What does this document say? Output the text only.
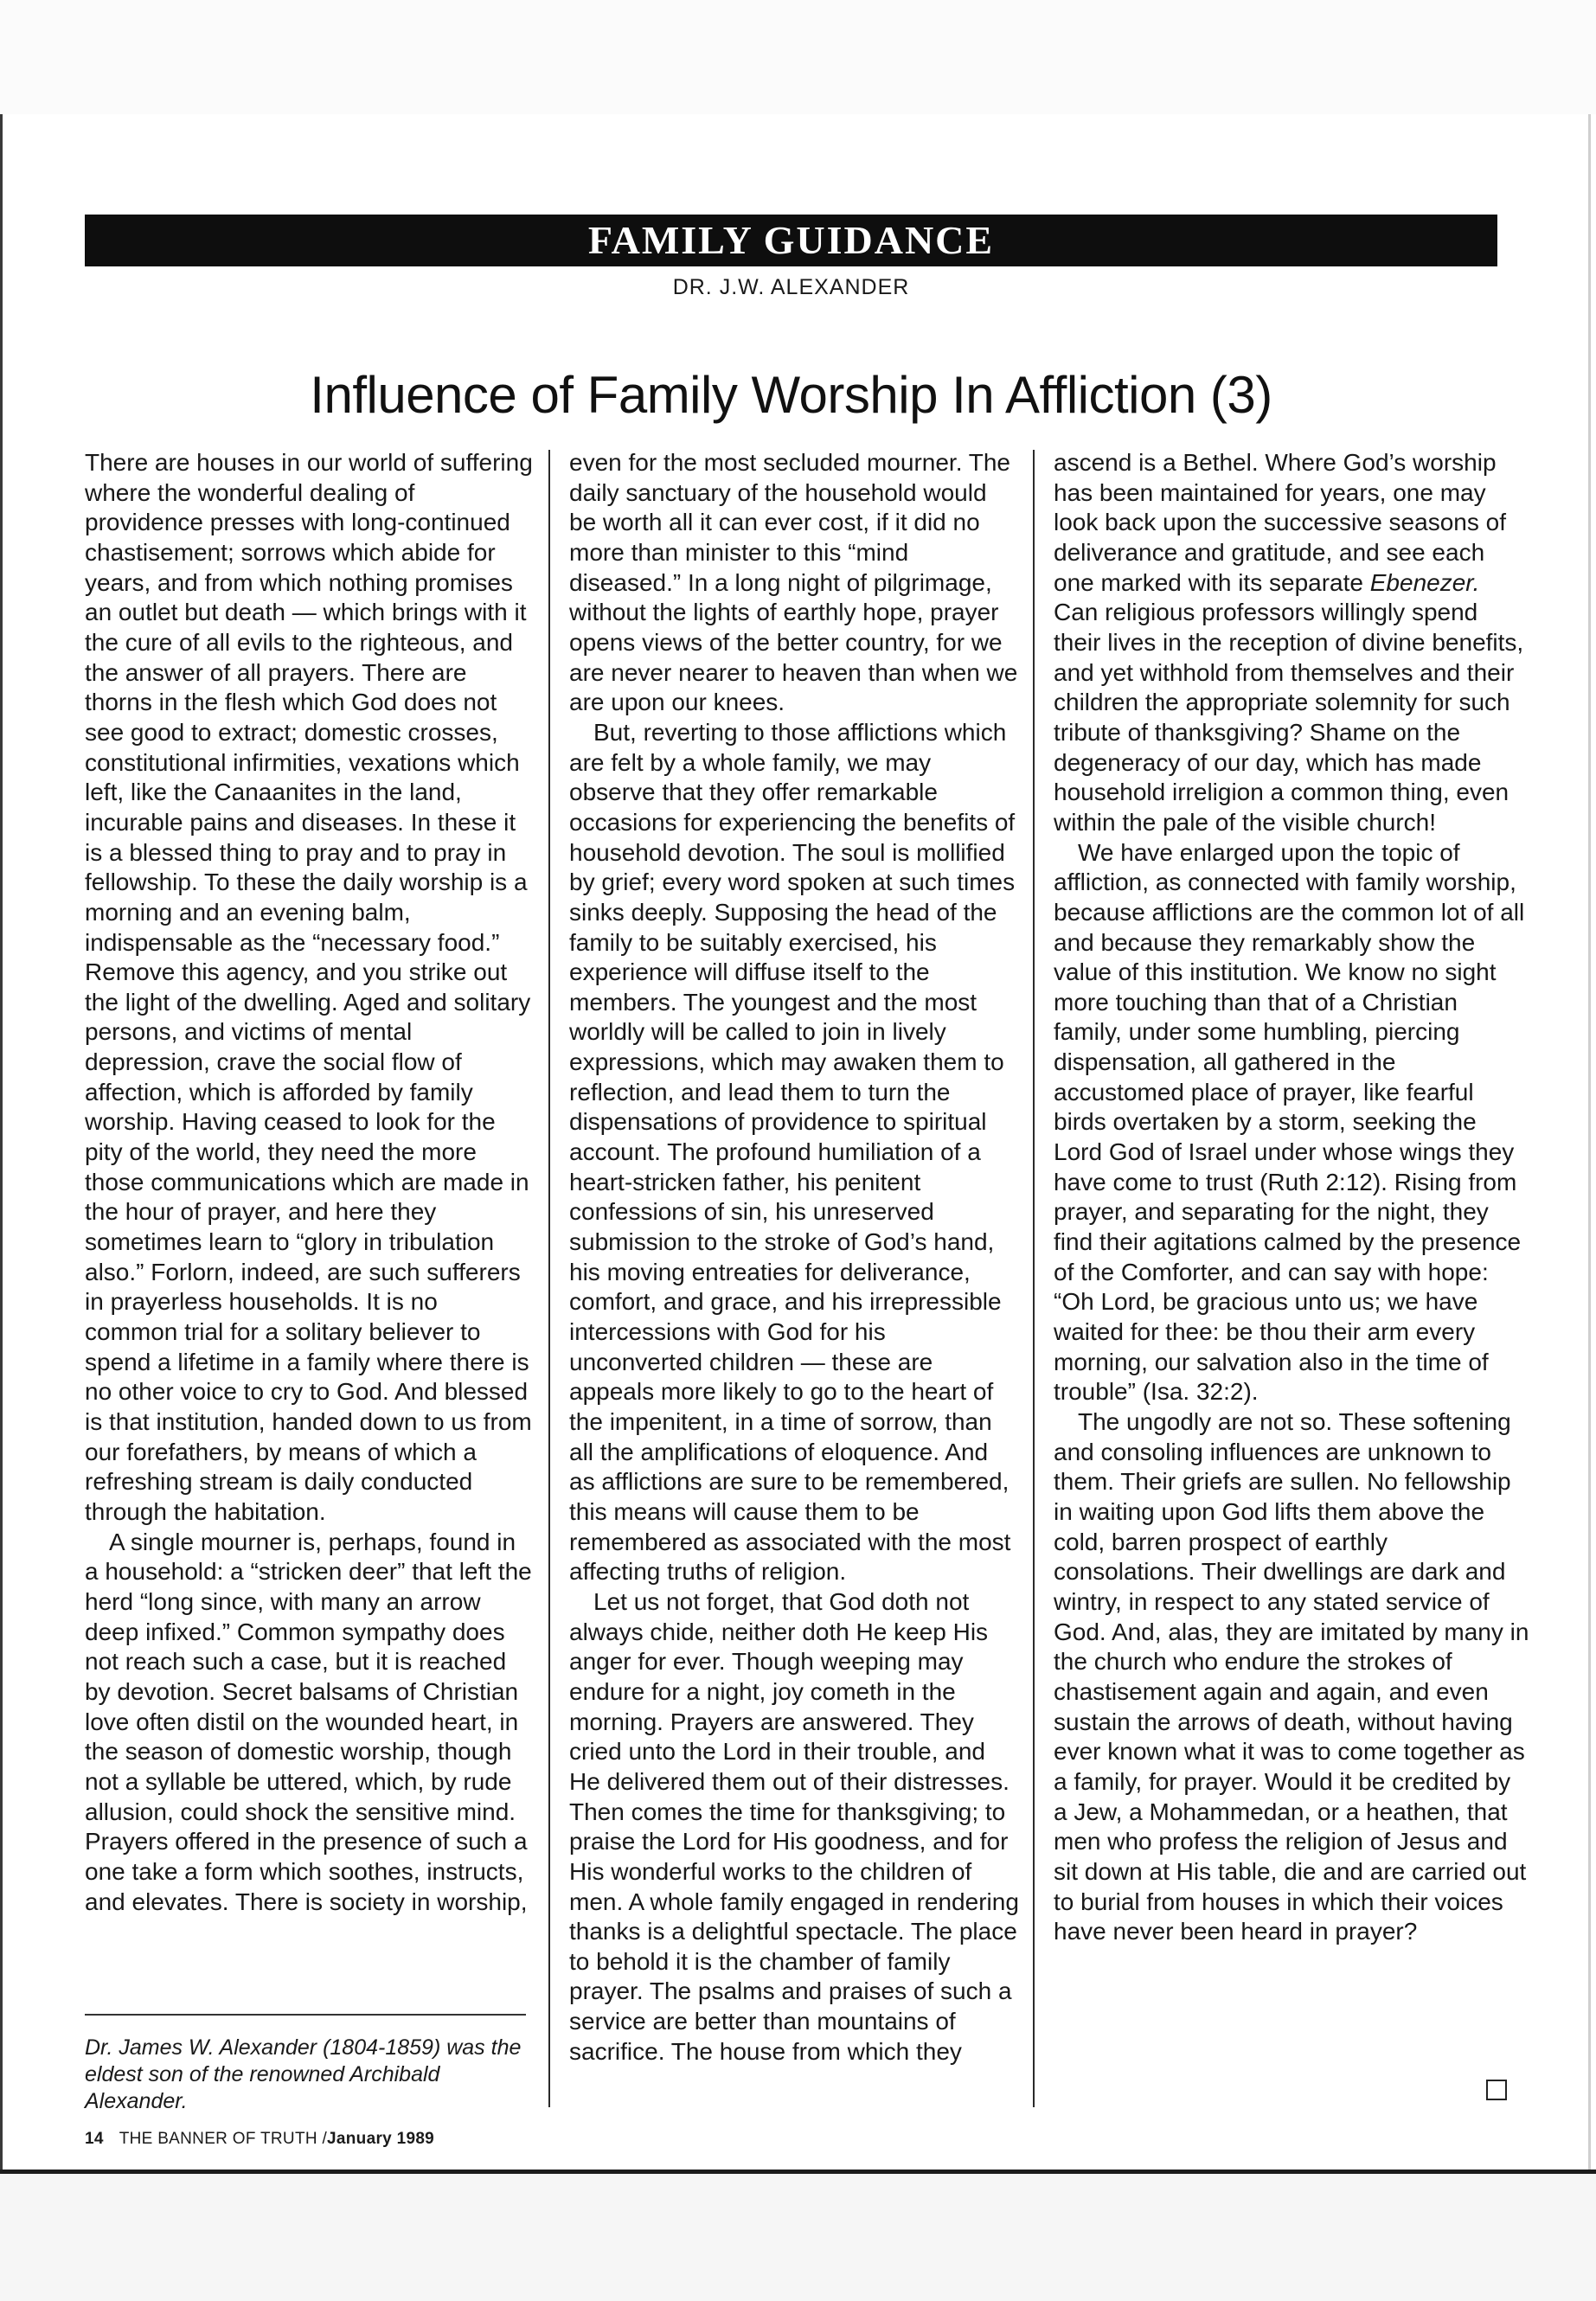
FAMILY GUIDANCE
DR. J.W. ALEXANDER
Influence of Family Worship In Affliction (3)

There are houses in our world of suffering where the wonderful dealing of providence presses with long-continued chastisement; sorrows which abide for years, and from which nothing promises an outlet but death — which brings with it the cure of all evils to the righteous, and the answer of all prayers. There are thorns in the flesh which God does not see good to extract; domestic crosses, constitutional infirmities, vexations which left, like the Canaanites in the land, incurable pains and diseases. In these it is a blessed thing to pray and to pray in fellowship. To these the daily worship is a morning and an evening balm, indispensable as the “necessary food.” Remove this agency, and you strike out the light of the dwelling. Aged and solitary persons, and victims of mental depression, crave the social flow of affection, which is afforded by family worship. Having ceased to look for the pity of the world, they need the more those communications which are made in the hour of prayer, and here they sometimes learn to “glory in tribulation also.” Forlorn, indeed, are such sufferers in prayerless households. It is no common trial for a solitary believer to spend a lifetime in a family where there is no other voice to cry to God. And blessed is that institution, handed down to us from our forefathers, by means of which a refreshing stream is daily conducted through the habitation.

A single mourner is, perhaps, found in a household: a “stricken deer” that left the herd “long since, with many an arrow deep infixed.” Common sympathy does not reach such a case, but it is reached by devotion. Secret balsams of Christian love often distil on the wounded heart, in the season of domestic worship, though not a syllable be uttered, which, by rude allusion, could shock the sensitive mind. Prayers offered in the presence of such a one take a form which soothes, instructs, and elevates. There is society in worship,

even for the most secluded mourner. The daily sanctuary of the household would be worth all it can ever cost, if it did no more than minister to this “mind diseased.” In a long night of pilgrimage, without the lights of earthly hope, prayer opens views of the better country, for we are never nearer to heaven than when we are upon our knees.

But, reverting to those afflictions which are felt by a whole family, we may observe that they offer remarkable occasions for experiencing the benefits of household devotion. The soul is mollified by grief; every word spoken at such times sinks deeply. Supposing the head of the family to be suitably exercised, his experience will diffuse itself to the members. The youngest and the most worldly will be called to join in lively expressions, which may awaken them to reflection, and lead them to turn the dispensations of providence to spiritual account. The profound humiliation of a heart-stricken father, his penitent confessions of sin, his unreserved submission to the stroke of God’s hand, his moving entreaties for deliverance, comfort, and grace, and his irrepressible intercessions with God for his unconverted children — these are appeals more likely to go to the heart of the impenitent, in a time of sorrow, than all the amplifications of eloquence. And as afflictions are sure to be remembered, this means will cause them to be remembered as associated with the most affecting truths of religion.

Let us not forget, that God doth not always chide, neither doth He keep His anger for ever. Though weeping may endure for a night, joy cometh in the morning. Prayers are answered. They cried unto the Lord in their trouble, and He delivered them out of their distresses. Then comes the time for thanksgiving; to praise the Lord for His goodness, and for His wonderful works to the children of men. A whole family engaged in rendering thanks is a delightful spectacle. The place to behold it is the chamber of family prayer. The psalms and praises of such a service are better than mountains of sacrifice. The house from which they

ascend is a Bethel. Where God’s worship has been maintained for years, one may look back upon the successive seasons of deliverance and gratitude, and see each one marked with its separate Ebenezer. Can religious professors willingly spend their lives in the reception of divine benefits, and yet withhold from themselves and their children the appropriate solemnity for such tribute of thanksgiving? Shame on the degeneracy of our day, which has made household irreligion a common thing, even within the pale of the visible church!

We have enlarged upon the topic of affliction, as connected with family worship, because afflictions are the common lot of all and because they remarkably show the value of this institution. We know no sight more touching than that of a Christian family, under some humbling, piercing dispensation, all gathered in the accustomed place of prayer, like fearful birds overtaken by a storm, seeking the Lord God of Israel under whose wings they have come to trust (Ruth 2:12). Rising from prayer, and separating for the night, they find their agitations calmed by the presence of the Comforter, and can say with hope: “Oh Lord, be gracious unto us; we have waited for thee: be thou their arm every morning, our salvation also in the time of trouble” (Isa. 32:2).

The ungodly are not so. These softening and consoling influences are unknown to them. Their griefs are sullen. No fellowship in waiting upon God lifts them above the cold, barren prospect of earthly consolations. Their dwellings are dark and wintry, in respect to any stated service of God. And, alas, they are imitated by many in the church who endure the strokes of chastisement again and again, and even sustain the arrows of death, without having ever known what it was to come together as a family, for prayer. Would it be credited by a Jew, a Mohammedan, or a heathen, that men who profess the religion of Jesus and sit down at His table, die and are carried out to burial from houses in which their voices have never been heard in prayer?

Dr. James W. Alexander (1804-1859) was the eldest son of the renowned Archibald Alexander.
14 THE BANNER OF TRUTH /January 1989
